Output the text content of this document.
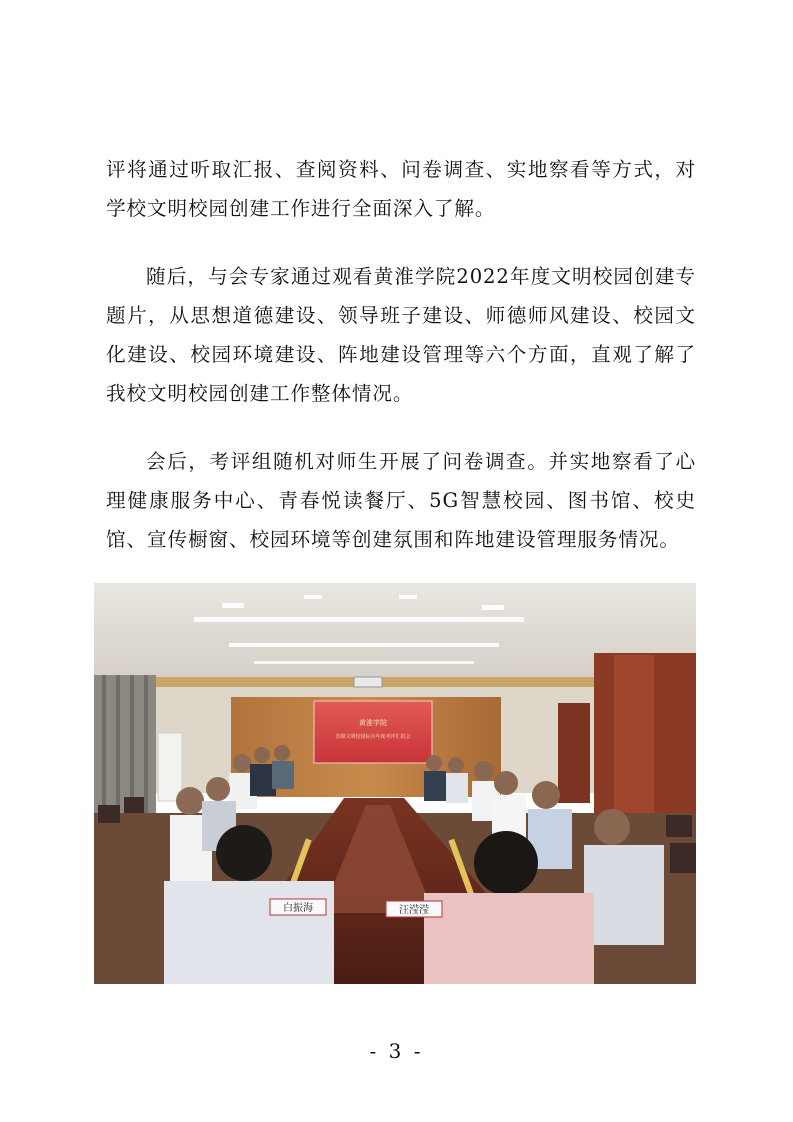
评将通过听取汇报、查阅资料、问卷调查、实地察看等方式，对学校文明校园创建工作进行全面深入了解。

随后，与会专家通过观看黄淮学院2022年度文明校园创建专题片，从思想道德建设、领导班子建设、师德师风建设、校园文化建设、校园环境建设、阵地建设管理等六个方面，直观了解了我校文明校园创建工作整体情况。

会后，考评组随机对师生开展了问卷调查。并实地察看了心理健康服务中心、青春悦读餐厅、5G智慧校园、图书馆、校史馆、宣传橱窗、校园环境等创建氛围和阵地建设管理服务情况。

黄淮学院
省级文明校园标兵年度考评汇报会
白振海	汪滢滢
- 3 -
